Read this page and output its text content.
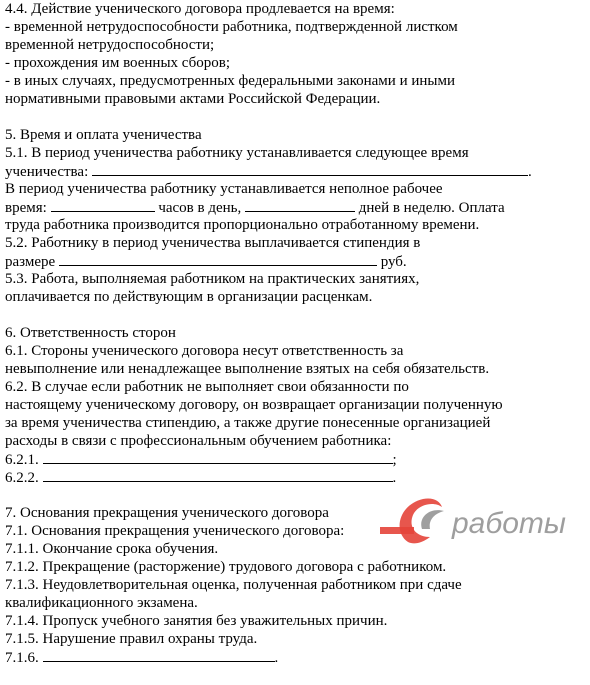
4.4. Действие ученического договора продлевается на время:
- временной нетрудоспособности работника, подтвержденной листком
временной нетрудоспособности;
- прохождения им военных сборов;
- в иных случаях, предусмотренных федеральными законами и иными
нормативными правовыми актами Российской Федерации.
5. Время и оплата ученичества
5.1. В период ученичества работнику устанавливается следующее время
ученичества:	.
В период ученичества работнику устанавливается неполное рабочее
время:	часов в день,	дней в неделю. Оплата
труда работника производится пропорционально отработанному времени.
5.2. Работнику в период ученичества выплачивается стипендия в
размере	руб.
5.3. Работа, выполняемая работником на практических занятиях,
оплачивается по действующим в организации расценкам.
6. Ответственность сторон
6.1. Стороны ученического договора несут ответственность за
невыполнение или ненадлежащее выполнение взятых на себя обязательств.
6.2. В случае если работник не выполняет свои обязанности по
настоящему ученическому договору, он возвращает организации полученную
за время ученичества стипендию, а также другие понесенные организацией
расходы в связи с профессиональным обучением работника:
6.2.1.	;
6.2.2.	.
7. Основания прекращения ученического договора
7.1. Основания прекращения ученического договора:
7.1.1. Окончание срока обучения.
7.1.2. Прекращение (расторжение) трудового договора с работником.
7.1.3. Неудовлетворительная оценка, полученная работником при сдаче
квалификационного экзамена.
7.1.4. Пропуск учебного занятия без уважительных причин.
7.1.5. Нарушение правил охраны труда.
7.1.6.	.
работы
